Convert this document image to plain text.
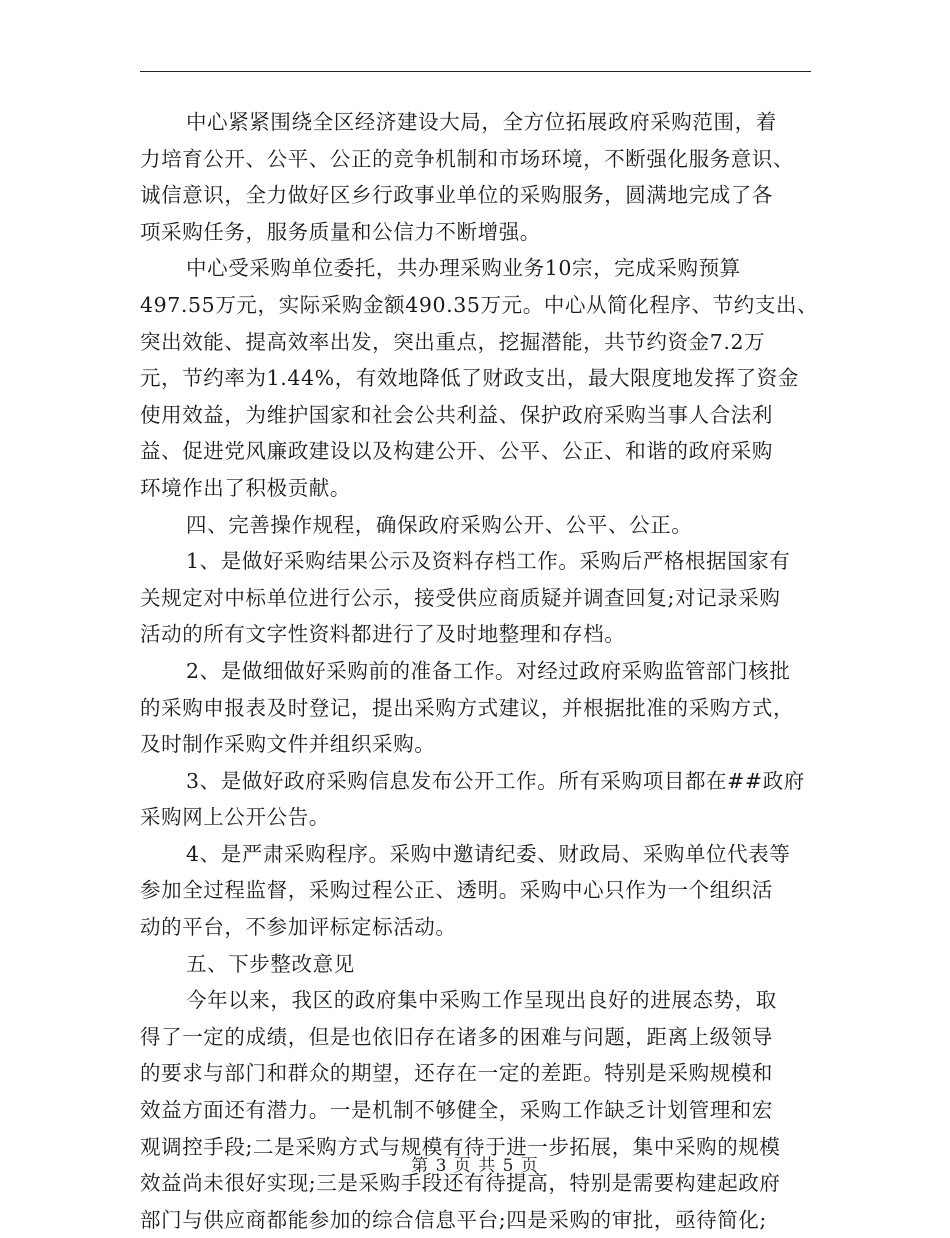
中心紧紧围绕全区经济建设大局，全方位拓展政府采购范围，着
力培育公开、公平、公正的竞争机制和市场环境，不断强化服务意识、
诚信意识，全力做好区乡行政事业单位的采购服务，圆满地完成了各
项采购任务，服务质量和公信力不断增强。
中心受采购单位委托，共办理采购业务10宗，完成采购预算
497.55万元，实际采购金额490.35万元。中心从简化程序、节约支出、
突出效能、提高效率出发，突出重点，挖掘潜能，共节约资金7.2万
元，节约率为1.44%，有效地降低了财政支出，最大限度地发挥了资金
使用效益，为维护国家和社会公共利益、保护政府采购当事人合法利
益、促进党风廉政建设以及构建公开、公平、公正、和谐的政府采购
环境作出了积极贡献。
四、完善操作规程，确保政府采购公开、公平、公正。
1、是做好采购结果公示及资料存档工作。采购后严格根据国家有
关规定对中标单位进行公示，接受供应商质疑并调查回复;对记录采购
活动的所有文字性资料都进行了及时地整理和存档。
2、是做细做好采购前的准备工作。对经过政府采购监管部门核批
的采购申报表及时登记，提出采购方式建议，并根据批准的采购方式，
及时制作采购文件并组织采购。
3、是做好政府采购信息发布公开工作。所有采购项目都在##政府
采购网上公开公告。
4、是严肃采购程序。采购中邀请纪委、财政局、采购单位代表等
参加全过程监督，采购过程公正、透明。采购中心只作为一个组织活
动的平台，不参加评标定标活动。
五、下步整改意见
今年以来，我区的政府集中采购工作呈现出良好的进展态势，取
得了一定的成绩，但是也依旧存在诸多的困难与问题，距离上级领导
的要求与部门和群众的期望，还存在一定的差距。特别是采购规模和
效益方面还有潜力。一是机制不够健全，采购工作缺乏计划管理和宏
观调控手段;二是采购方式与规模有待于进一步拓展，集中采购的规模
效益尚未很好实现;三是采购手段还有待提高，特别是需要构建起政府
部门与供应商都能参加的综合信息平台;四是采购的审批，亟待简化;
第 3 页 共 5 页
